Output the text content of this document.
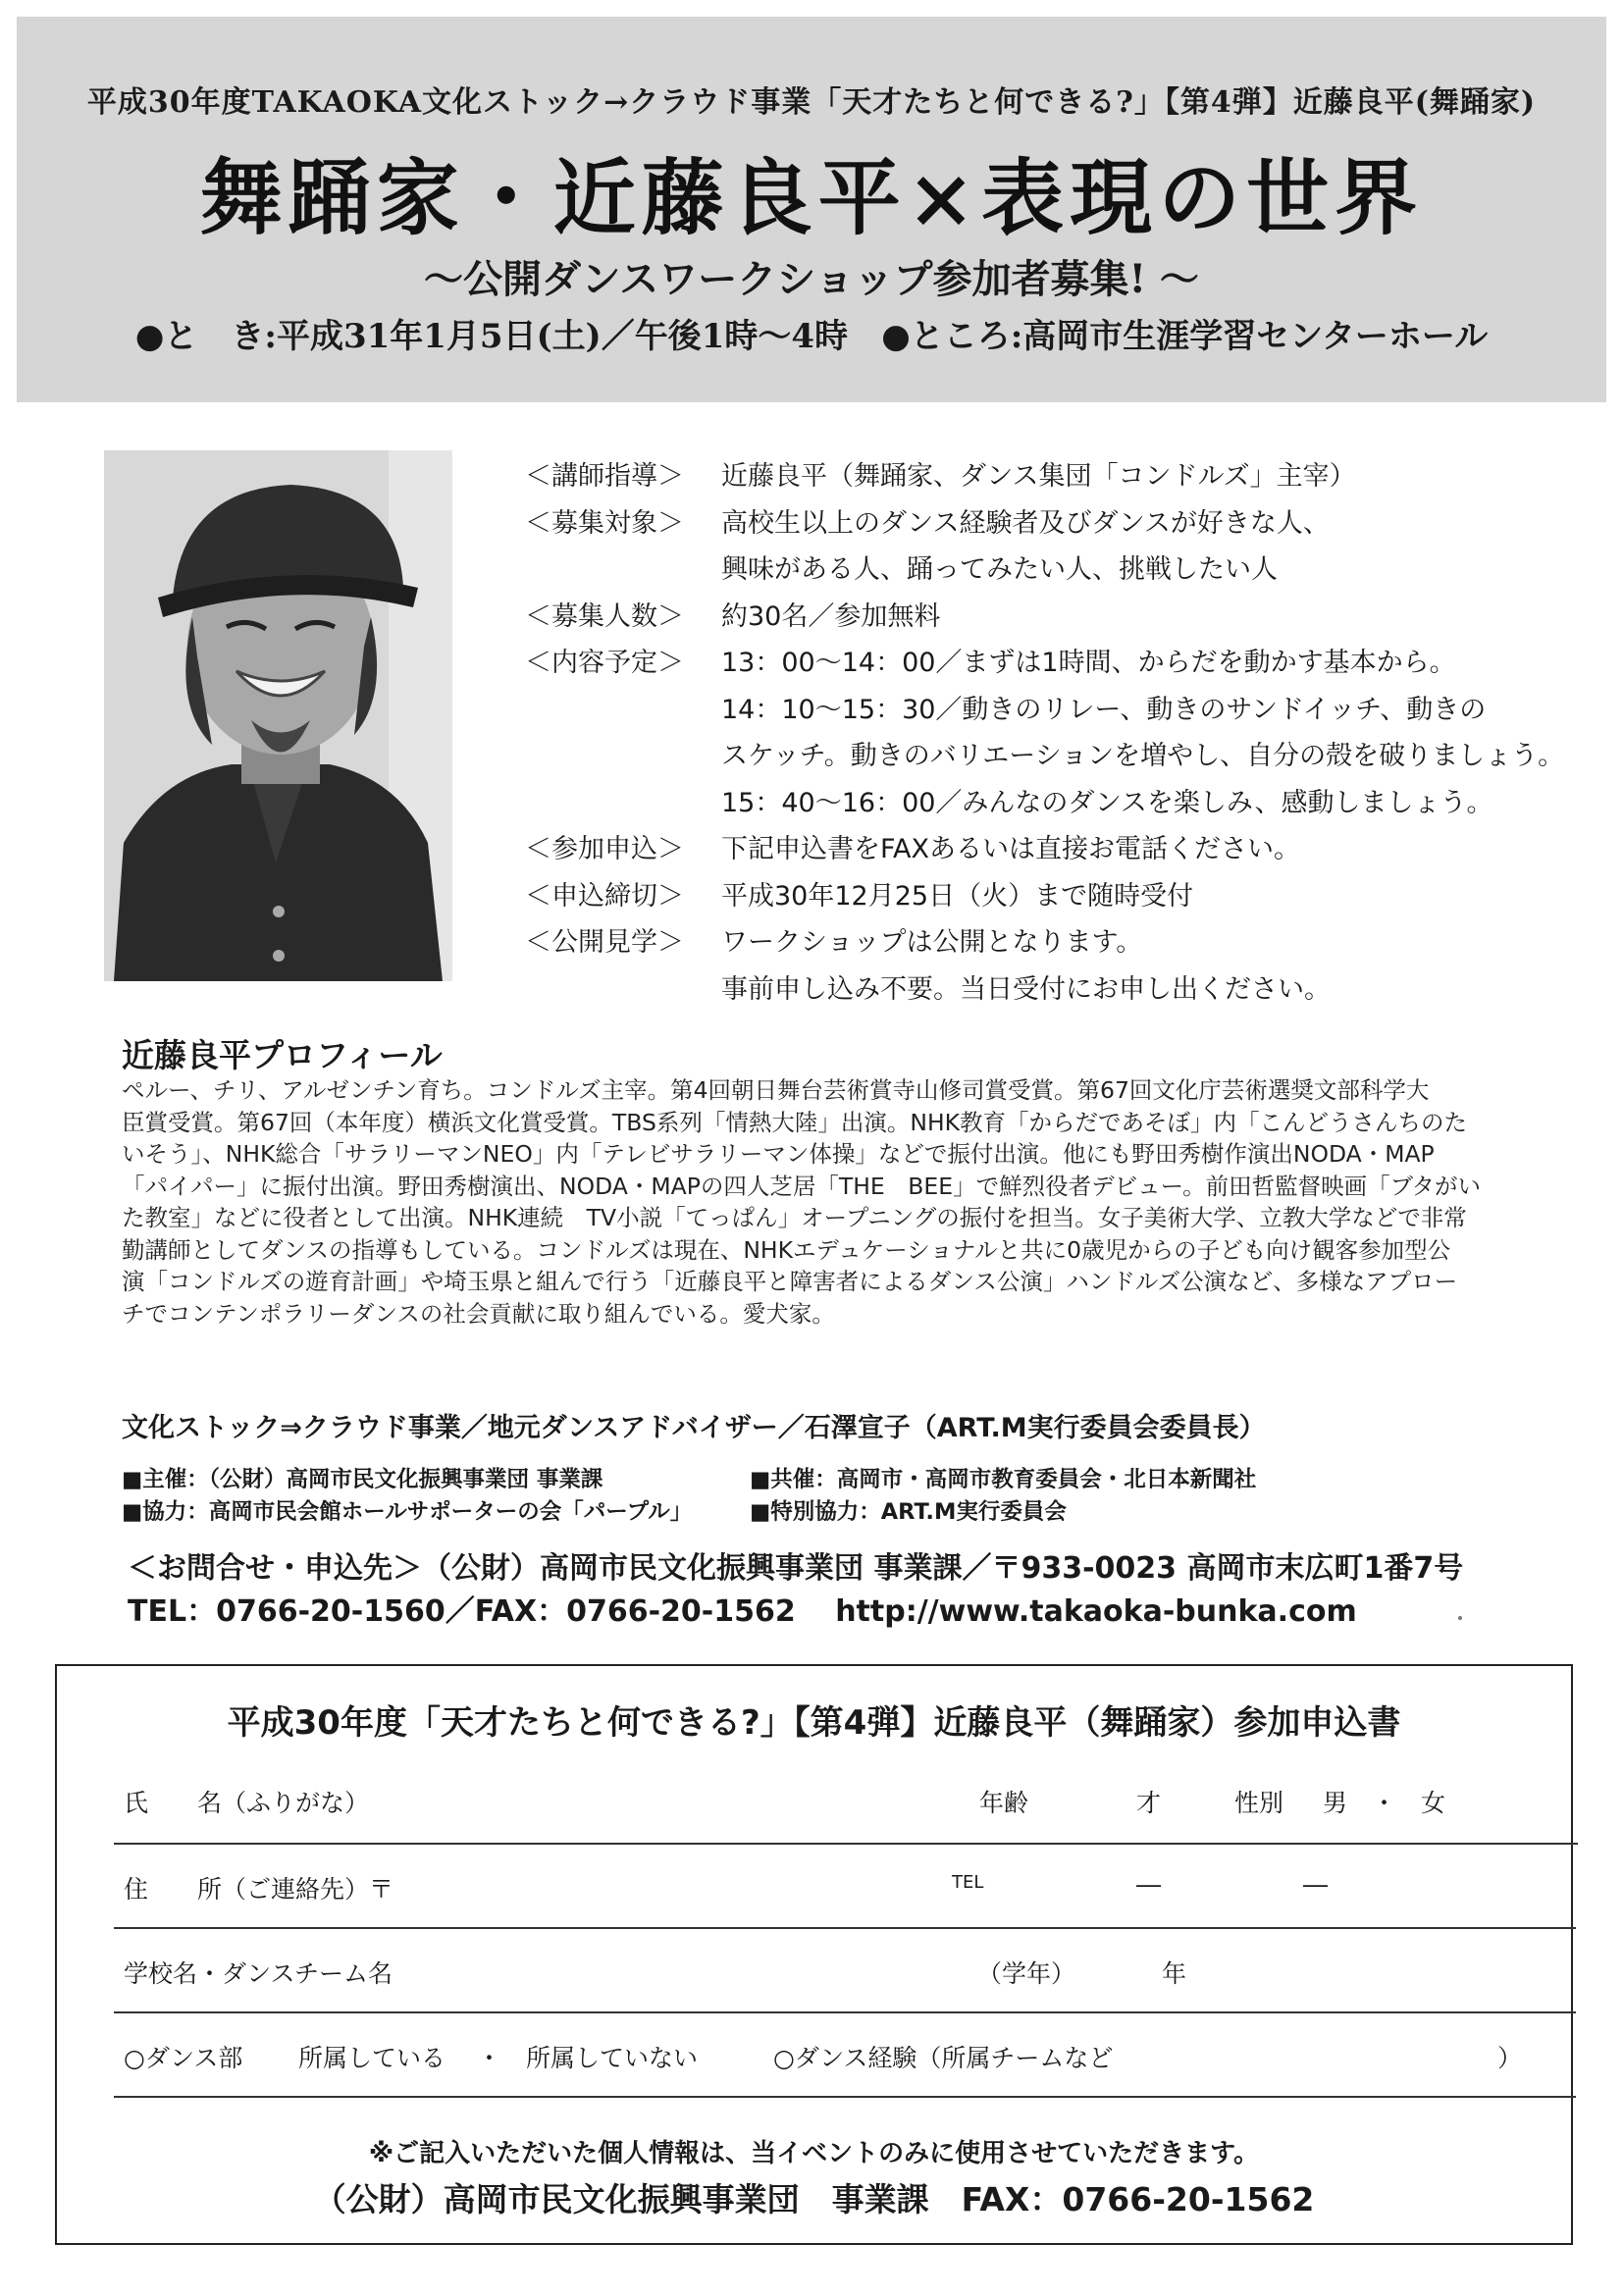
平成30年度TAKAOKA文化ストック→クラウド事業「天才たちと何できる?」【第4弾】近藤良平(舞踊家)
舞踊家・近藤良平×表現の世界
～公開ダンスワークショップ参加者募集! ～
●と　き:平成31年1月5日(土)／午後1時～4時　●ところ:高岡市生涯学習センターホール
＜講師指導＞	近藤良平（舞踊家、ダンス集団「コンドルズ」主宰）
＜募集対象＞	高校生以上のダンス経験者及びダンスが好きな人、
興味がある人、踊ってみたい人、挑戦したい人
＜募集人数＞	約30名／参加無料
＜内容予定＞	13：00～14：00／まずは1時間、からだを動かす基本から。
14：10～15：30／動きのリレー、動きのサンドイッチ、動きの
スケッチ。動きのバリエーションを増やし、自分の殻を破りましょう。
15：40～16：00／みんなのダンスを楽しみ、感動しましょう。
＜参加申込＞	下記申込書をFAXあるいは直接お電話ください。
＜申込締切＞	平成30年12月25日（火）まで随時受付
＜公開見学＞	ワークショップは公開となります。
事前申し込み不要。当日受付にお申し出ください。
近藤良平プロフィール
ペルー、チリ、アルゼンチン育ち。コンドルズ主宰。第4回朝日舞台芸術賞寺山修司賞受賞。第67回文化庁芸術選奨文部科学大
臣賞受賞。第67回（本年度）横浜文化賞受賞。TBS系列「情熱大陸」出演。NHK教育「からだであそぼ」内「こんどうさんちのた
いそう」、NHK総合「サラリーマンNEO」内「テレビサラリーマン体操」などで振付出演。他にも野田秀樹作演出NODA・MAP
「パイパー」に振付出演。野田秀樹演出、NODA・MAPの四人芝居「THE　BEE」で鮮烈役者デビュー。前田哲監督映画「ブタがい
た教室」などに役者として出演。NHK連続　TV小説「てっぱん」オープニングの振付を担当。女子美術大学、立教大学などで非常
勤講師としてダンスの指導もしている。コンドルズは現在、NHKエデュケーショナルと共に0歳児からの子ども向け観客参加型公
演「コンドルズの遊育計画」や埼玉県と組んで行う「近藤良平と障害者によるダンス公演」ハンドルズ公演など、多様なアプロー
チでコンテンポラリーダンスの社会貢献に取り組んでいる。愛犬家。
文化ストック⇒クラウド事業／地元ダンスアドバイザー／石澤宣子（ART.M実行委員会委員長）
■主催：（公財）高岡市民文化振興事業団 事業課	■共催：高岡市・高岡市教育委員会・北日本新聞社
■協力：高岡市民会館ホールサポーターの会「パープル」	■特別協力：ART.M実行委員会
＜お問合せ・申込先＞（公財）高岡市民文化振興事業団 事業課／〒933-0023 高岡市末広町1番7号
TEL：0766-20-1560／FAX：0766-20-1562　 http://www.takaoka-bunka.com
平成30年度「天才たちと何できる?」【第4弾】近藤良平（舞踊家）参加申込書
氏　　名（ふりがな）	年齢	才	性別 男　・　女
住　　所（ご連絡先）〒	TEL	―	―
学校名・ダンスチーム名	（学年）	年
○ダンス部 所属している ・ 所属していない	○ダンス経験（所属チームなど	）
※ご記入いただいた個人情報は、当イベントのみに使用させていただきます。
（公財）高岡市民文化振興事業団　事業課　FAX：0766-20-1562
